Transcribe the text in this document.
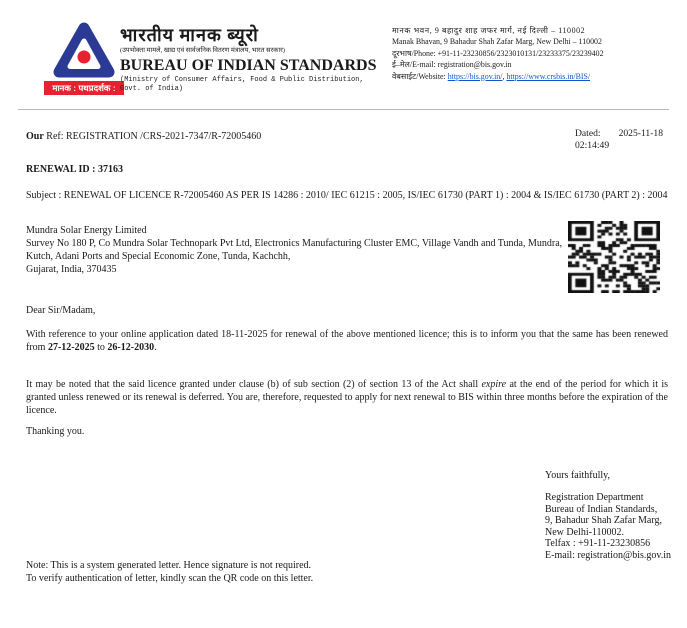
मानक : पथप्रदर्शक :
भारतीय मानक ब्यूरो
(उपभोक्ता मामले, खाद्य एवं सार्वजनिक वितरण मंत्रालय, भारत सरकार)
BUREAU OF INDIAN STANDARDS
(Ministry of Consumer Affairs, Food & Public Distribution, Govt. of India)
मानक भवन, 9 बहादुर शाह जफर मार्ग, नई दिल्ली – 110002
Manak Bhavan, 9 Bahadur Shah Zafar Marg, New Delhi – 110002
दूरभाष/Phone: +91-11-23230856/2323010131/23233375/23239402
ई–मेल/E-mail: registration@bis.gov.in
वेबसाईट/Website: https://bis.gov.in/, https://www.crsbis.in/BIS/
Our Ref: REGISTRATION /CRS-2021-7347/R-72005460	Dated: 2025-11-18
02:14:49
RENEWAL ID : 37163
Subject : RENEWAL OF LICENCE R-72005460 AS PER IS 14286 : 2010/ IEC 61215 : 2005, IS/IEC 61730 (PART 1) : 2004 & IS/IEC 61730 (PART 2) : 2004
Mundra Solar Energy Limited
Survey No 180 P, Co Mundra Solar Technopark Pvt Ltd, Electronics Manufacturing Cluster EMC, Village Vandh and Tunda, Mundra,
Kutch, Adani Ports and Special Economic Zone, Tunda, Kachchh,
Gujarat, India, 370435
Dear Sir/Madam,

With reference to your online application dated 18-11-2025 for renewal of the above mentioned licence; this is to inform you that the same has been renewed from 27-12-2025 to 26-12-2030.

It may be noted that the said licence granted under clause (b) of sub section (2) of section 13 of the Act shall expire at the end of the period for which it is granted unless renewed or its renewal is deferred. You are, therefore, requested to apply for next renewal to BIS within three months before the expiration of the licence.

Thanking you.
Yours faithfully,
Registration Department
Bureau of Indian Standards,
9, Bahadur Shah Zafar Marg,
New Delhi-110002.
Telfax : +91-11-23230856
E-mail: registration@bis.gov.in
Note: This is a system generated letter. Hence signature is not required.
To verify authentication of letter, kindly scan the QR code on this letter.
